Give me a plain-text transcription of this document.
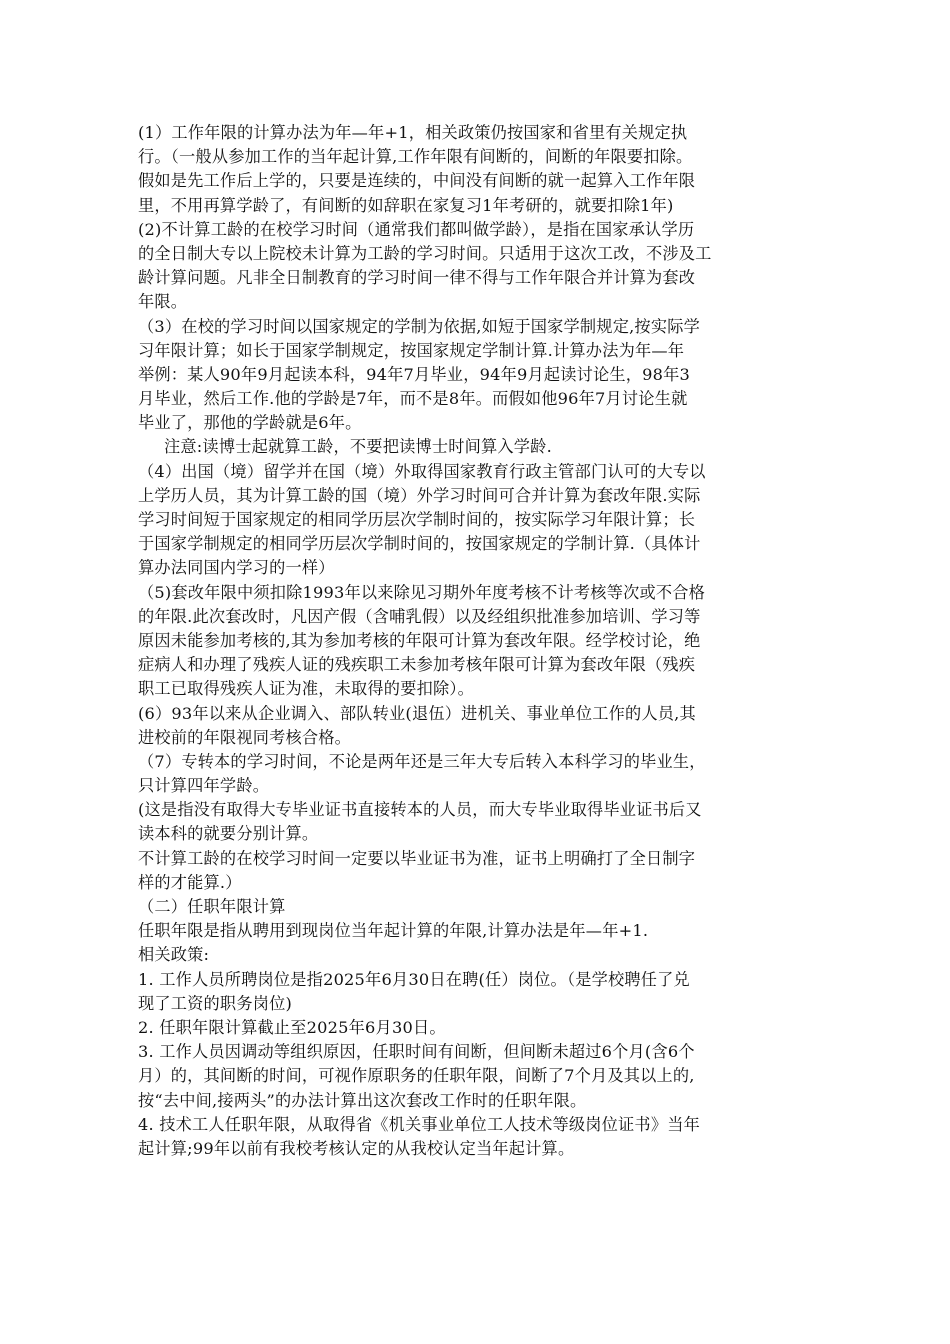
(1）工作年限的计算办法为年—年+1，相关政策仍按国家和省里有关规定执
行。（一般从参加工作的当年起计算,工作年限有间断的，间断的年限要扣除。
假如是先工作后上学的，只要是连续的，中间没有间断的就一起算入工作年限
里，不用再算学龄了，有间断的如辞职在家复习1年考研的，就要扣除1年)
(2)不计算工龄的在校学习时间（通常我们都叫做学龄），是指在国家承认学历
的全日制大专以上院校未计算为工龄的学习时间。只适用于这次工改，不涉及工
龄计算问题。凡非全日制教育的学习时间一律不得与工作年限合并计算为套改
年限。
（3）在校的学习时间以国家规定的学制为依据,如短于国家学制规定,按实际学
习年限计算；如长于国家学制规定，按国家规定学制计算.计算办法为年—年
举例：某人90年9月起读本科，94年7月毕业，94年9月起读讨论生，98年3
月毕业，然后工作.他的学龄是7年，而不是8年。而假如他96年7月讨论生就
毕业了，那他的学龄就是6年。
注意:读博士起就算工龄，不要把读博士时间算入学龄.
（4）出国（境）留学并在国（境）外取得国家教育行政主管部门认可的大专以
上学历人员，其为计算工龄的国（境）外学习时间可合并计算为套改年限.实际
学习时间短于国家规定的相同学历层次学制时间的，按实际学习年限计算；长
于国家学制规定的相同学历层次学制时间的，按国家规定的学制计算.（具体计
算办法同国内学习的一样）
（5)套改年限中须扣除1993年以来除见习期外年度考核不计考核等次或不合格
的年限.此次套改时，凡因产假（含哺乳假）以及经组织批准参加培训、学习等
原因未能参加考核的,其为参加考核的年限可计算为套改年限。经学校讨论，绝
症病人和办理了残疾人证的残疾职工未参加考核年限可计算为套改年限（残疾
职工已取得残疾人证为准，未取得的要扣除）。
(6）93年以来从企业调入、部队转业(退伍）进机关、事业单位工作的人员,其
进校前的年限视同考核合格。
（7）专转本的学习时间，不论是两年还是三年大专后转入本科学习的毕业生，
只计算四年学龄。
(这是指没有取得大专毕业证书直接转本的人员，而大专毕业取得毕业证书后又
读本科的就要分别计算。
不计算工龄的在校学习时间一定要以毕业证书为准，证书上明确打了全日制字
样的才能算.）
（二）任职年限计算
任职年限是指从聘用到现岗位当年起计算的年限,计算办法是年—年+1.
相关政策:
1. 工作人员所聘岗位是指2025年6月30日在聘(任）岗位。（是学校聘任了兑
现了工资的职务岗位)
2. 任职年限计算截止至2025年6月30日。
3. 工作人员因调动等组织原因，任职时间有间断，但间断未超过6个月(含6个
月）的，其间断的时间，可视作原职务的任职年限，间断了7个月及其以上的,
按“去中间,接两头”的办法计算出这次套改工作时的任职年限。
4. 技术工人任职年限，从取得省《机关事业单位工人技术等级岗位证书》当年
起计算;99年以前有我校考核认定的从我校认定当年起计算。
